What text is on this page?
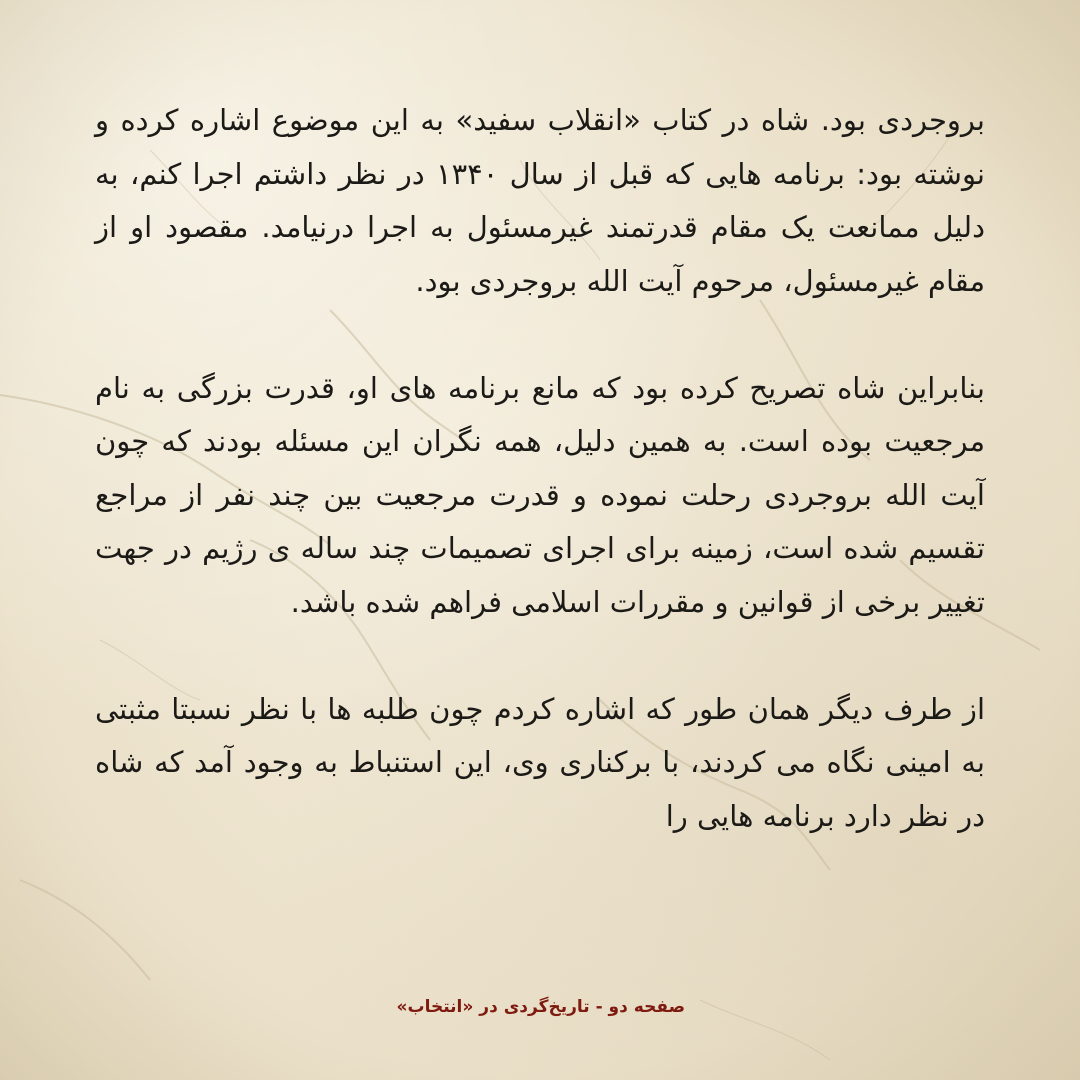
بروجردی بود. شاه در کتاب «انقلاب سفید» به این موضوع اشاره کرده و نوشته بود: برنامه هایی که قبل از سال ۱۳۴۰ در نظر داشتم اجرا کنم، به دلیل ممانعت یک مقام قدرتمند غیرمسئول به اجرا درنیامد. مقصود او از مقام غیرمسئول، مرحوم آیت الله بروجردی بود.

بنابراین شاه تصریح کرده بود که مانع برنامه های او، قدرت بزرگی به نام مرجعیت بوده است. به همین دلیل، همه نگران این مسئله بودند که چون آیت الله بروجردی رحلت نموده و قدرت مرجعیت بین چند نفر از مراجع تقسیم شده است، زمینه برای اجرای تصمیمات چند ساله ی رژیم در جهت تغییر برخی از قوانین و مقررات اسلامی فراهم شده باشد.

از طرف دیگر همان طور که اشاره کردم چون طلبه ها با نظر نسبتا مثبتی به امینی نگاه می کردند، با برکناری وی، این استنباط به وجود آمد که شاه در نظر دارد برنامه هایی را

صفحه دو - تاریخ‌گردی در «انتخاب»
